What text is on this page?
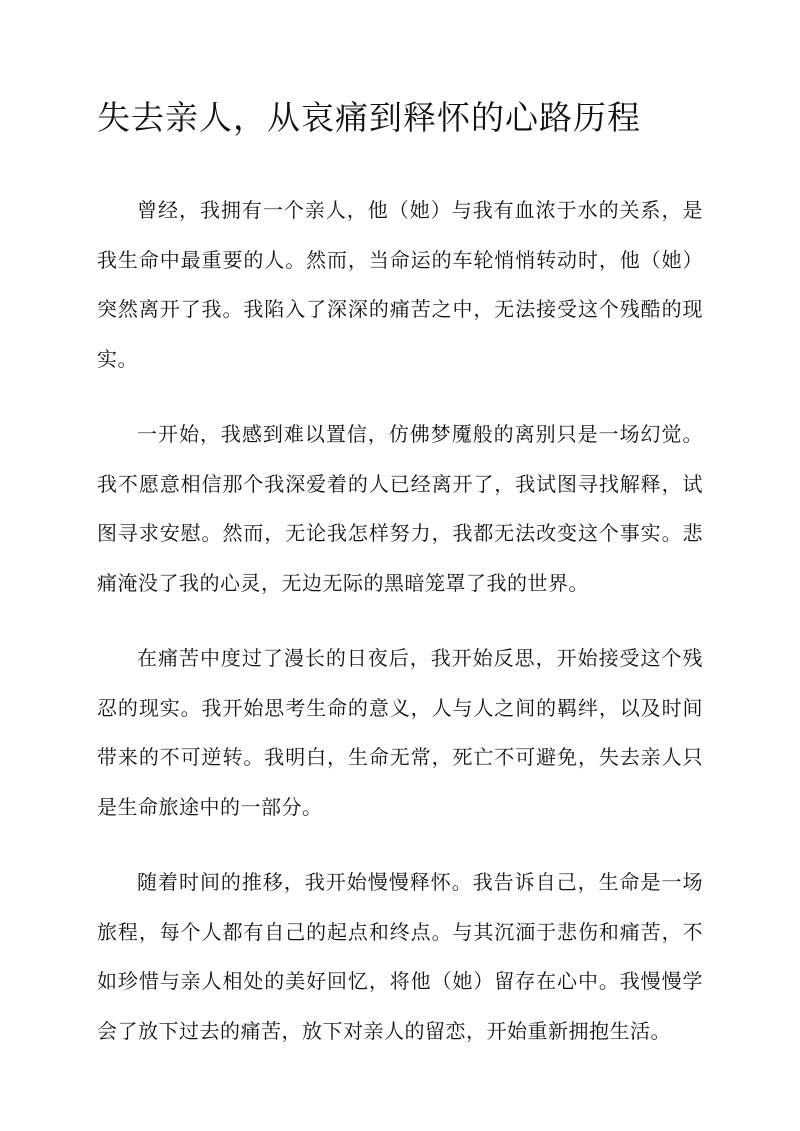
失去亲人，从哀痛到释怀的心路历程

曾经，我拥有一个亲人，他（她）与我有血浓于水的关系，是我生命中最重要的人。然而，当命运的车轮悄悄转动时，他（她）突然离开了我。我陷入了深深的痛苦之中，无法接受这个残酷的现实。

一开始，我感到难以置信，仿佛梦魇般的离别只是一场幻觉。我不愿意相信那个我深爱着的人已经离开了，我试图寻找解释，试图寻求安慰。然而，无论我怎样努力，我都无法改变这个事实。悲痛淹没了我的心灵，无边无际的黑暗笼罩了我的世界。

在痛苦中度过了漫长的日夜后，我开始反思，开始接受这个残忍的现实。我开始思考生命的意义，人与人之间的羁绊，以及时间带来的不可逆转。我明白，生命无常，死亡不可避免，失去亲人只是生命旅途中的一部分。

随着时间的推移，我开始慢慢释怀。我告诉自己，生命是一场旅程，每个人都有自己的起点和终点。与其沉湎于悲伤和痛苦，不如珍惜与亲人相处的美好回忆，将他（她）留存在心中。我慢慢学会了放下过去的痛苦，放下对亲人的留恋，开始重新拥抱生活。
